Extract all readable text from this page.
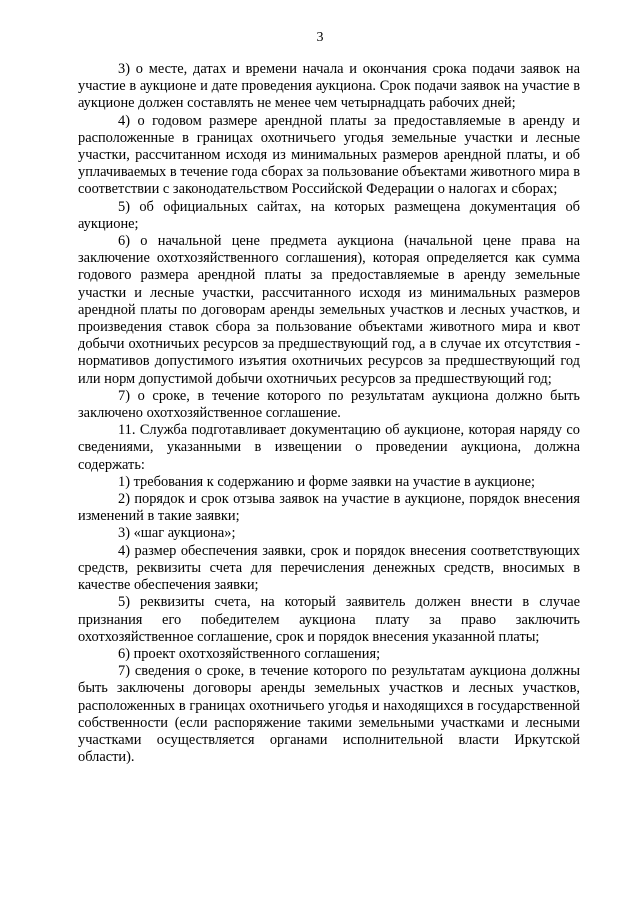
3

3) о месте, датах и времени начала и окончания срока подачи заявок на участие в аукционе и дате проведения аукциона. Срок подачи заявок на участие в аукционе должен составлять не менее чем четырнадцать рабочих дней;

4) о годовом размере арендной платы за предоставляемые в аренду и расположенные в границах охотничьего угодья земельные участки и лесные участки, рассчитанном исходя из минимальных размеров арендной платы, и об уплачиваемых в течение года сборах за пользование объектами животного мира в соответствии с законодательством Российской Федерации о налогах и сборах;

5) об официальных сайтах, на которых размещена документация об аукционе;

6) о начальной цене предмета аукциона (начальной цене права на заключение охотхозяйственного соглашения), которая определяется как сумма годового размера арендной платы за предоставляемые в аренду земельные участки и лесные участки, рассчитанного исходя из минимальных размеров арендной платы по договорам аренды земельных участков и лесных участков, и произведения ставок сбора за пользование объектами животного мира и квот добычи охотничьих ресурсов за предшествующий год, а в случае их отсутствия - нормативов допустимого изъятия охотничьих ресурсов за предшествующий год или норм допустимой добычи охотничьих ресурсов за предшествующий год;

7) о сроке, в течение которого по результатам аукциона должно быть заключено охотхозяйственное соглашение.

11. Служба подготавливает документацию об аукционе, которая наряду со сведениями, указанными в извещении о проведении аукциона, должна содержать:

1) требования к содержанию и форме заявки на участие в аукционе;

2) порядок и срок отзыва заявок на участие в аукционе, порядок внесения изменений в такие заявки;

3) «шаг аукциона»;

4) размер обеспечения заявки, срок и порядок внесения соответствующих средств, реквизиты счета для перечисления денежных средств, вносимых в качестве обеспечения заявки;

5) реквизиты счета, на который заявитель должен внести в случае признания его победителем аукциона плату за право заключить охотхозяйственное соглашение, срок и порядок внесения указанной платы;

6) проект охотхозяйственного соглашения;

7) сведения о сроке, в течение которого по результатам аукциона должны быть заключены договоры аренды земельных участков и лесных участков, расположенных в границах охотничьего угодья и находящихся в государственной собственности (если распоряжение такими земельными участками и лесными участками осуществляется органами исполнительной власти Иркутской области).
